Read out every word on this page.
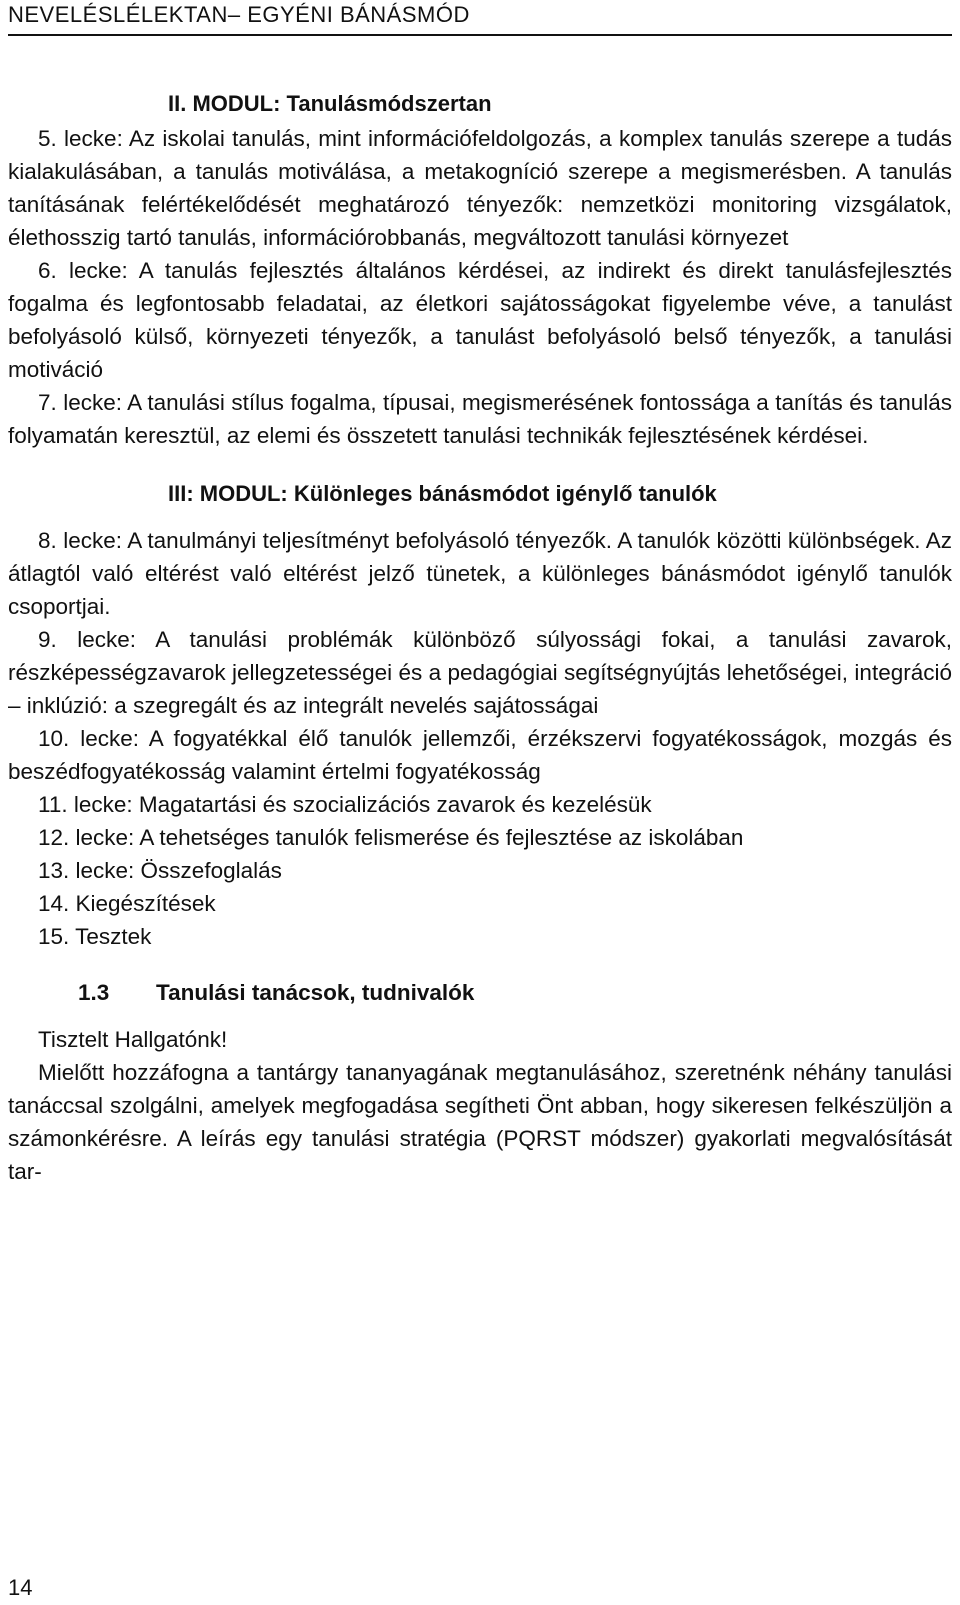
NEVELÉSLÉLEKTAN– EGYÉNI BÁNÁSMÓD
II. MODUL: Tanulásmódszertan

5. lecke: Az iskolai tanulás, mint információfeldolgozás, a komplex tanulás szerepe a tudás kialakulásában, a tanulás motiválása, a metakogníció szerepe a megismerésben. A tanulás tanításának felértékelődését meghatározó tényezők: nemzetközi monitoring vizsgálatok, élethosszig tartó tanulás, információrobbanás, megváltozott tanulási környezet

6. lecke: A tanulás fejlesztés általános kérdései, az indirekt és direkt tanulásfejlesztés fogalma és legfontosabb feladatai, az életkori sajátosságokat figyelembe véve, a tanulást befolyásoló külső, környezeti tényezők, a tanulást befolyásoló belső tényezők, a tanulási motiváció

7. lecke: A tanulási stílus fogalma, típusai, megismerésének fontossága a tanítás és tanulás folyamatán keresztül, az elemi és összetett tanulási technikák fejlesztésének kérdései.

III: MODUL: Különleges bánásmódot igénylő tanulók

8. lecke: A tanulmányi teljesítményt befolyásoló tényezők. A tanulók közötti különbségek. Az átlagtól való eltérést való eltérést jelző tünetek, a különleges bánásmódot igénylő tanulók csoportjai.

9. lecke: A tanulási problémák különböző súlyossági fokai, a tanulási zavarok, részképességzavarok jellegzetességei és a pedagógiai segítségnyújtás lehetőségei, integráció – inklúzió: a szegregált és az integrált nevelés sajátosságai

10. lecke: A fogyatékkal élő tanulók jellemzői, érzékszervi fogyatékosságok, mozgás és beszédfogyatékosság valamint értelmi fogyatékosság

11. lecke: Magatartási és szocializációs zavarok és kezelésük

12. lecke: A tehetséges tanulók felismerése és fejlesztése az iskolában

13. lecke: Összefoglalás

14. Kiegészítések

15. Tesztek

1.3 Tanulási tanácsok, tudnivalók

Tisztelt Hallgatónk!

Mielőtt hozzáfogna a tantárgy tananyagának megtanulásához, szeretnénk néhány tanulási tanáccsal szolgálni, amelyek megfogadása segítheti Önt abban, hogy sikeresen felkészüljön a számonkérésre. A leírás egy tanulási stratégia (PQRST módszer) gyakorlati megvalósítását tar-

14
